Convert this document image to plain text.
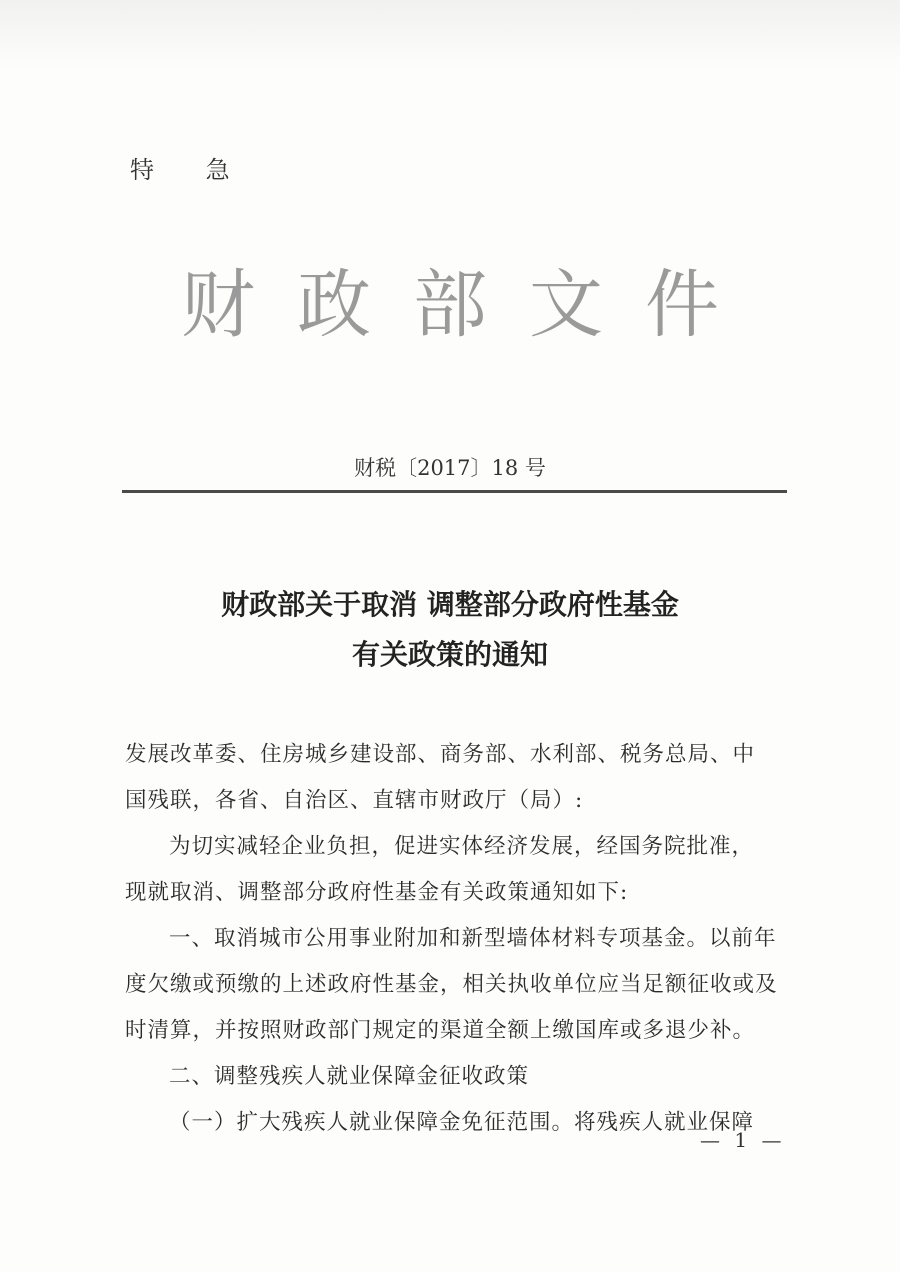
特 急
财政部文件
财税〔2017〕18 号
财政部关于取消 调整部分政府性基金
有关政策的通知
发展改革委、住房城乡建设部、商务部、水利部、税务总局、中
国残联，各省、自治区、直辖市财政厅（局）:
为切实减轻企业负担，促进实体经济发展，经国务院批准，
现就取消、调整部分政府性基金有关政策通知如下:
一、取消城市公用事业附加和新型墙体材料专项基金。以前年
度欠缴或预缴的上述政府性基金，相关执收单位应当足额征收或及
时清算，并按照财政部门规定的渠道全额上缴国库或多退少补。
二、调整残疾人就业保障金征收政策
（一）扩大残疾人就业保障金免征范围。将残疾人就业保障
— 1 —
